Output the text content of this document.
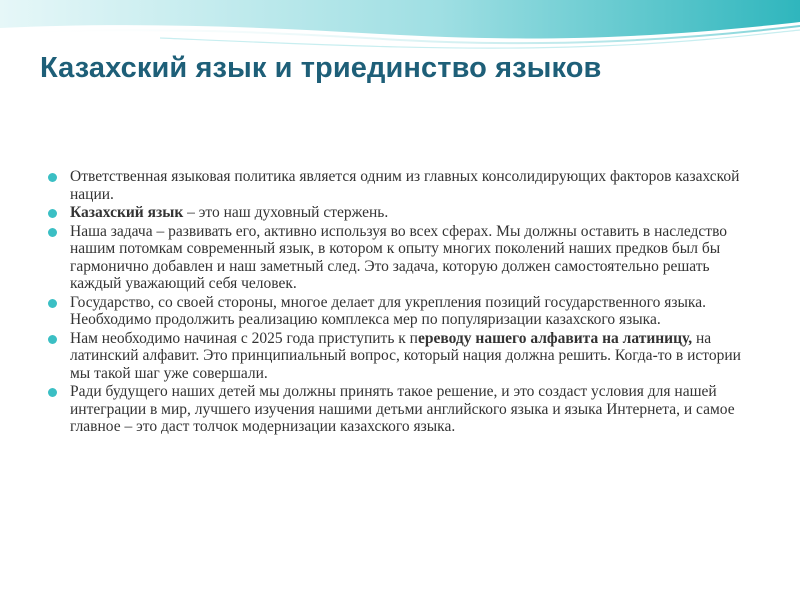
Казахский язык и триединство языков
Ответственная языковая политика является одним из главных консолидирующих факторов казахской нации.
Казахский язык – это наш духовный стержень.
Наша задача – развивать его, активно используя во всех сферах. Мы должны оставить в наследство нашим потомкам современный язык, в котором к опыту многих поколений наших предков был бы гармонично добавлен и наш заметный след. Это задача, которую должен самостоятельно решать каждый уважающий себя человек.
Государство, со своей стороны, многое делает для укрепления позиций государственного языка. Необходимо продолжить реализацию комплекса мер по популяризации казахского языка.
Нам необходимо начиная с 2025 года приступить к переводу нашего алфавита на латиницу, на латинский алфавит. Это принципиальный вопрос, который нация должна решить. Когда-то в истории мы такой шаг уже совершали.
Ради будущего наших детей мы должны принять такое решение, и это создаст условия для нашей интеграции в мир, лучшего изучения нашими детьми английского языка и языка Интернета, и самое главное – это даст толчок модернизации казахского языка.
